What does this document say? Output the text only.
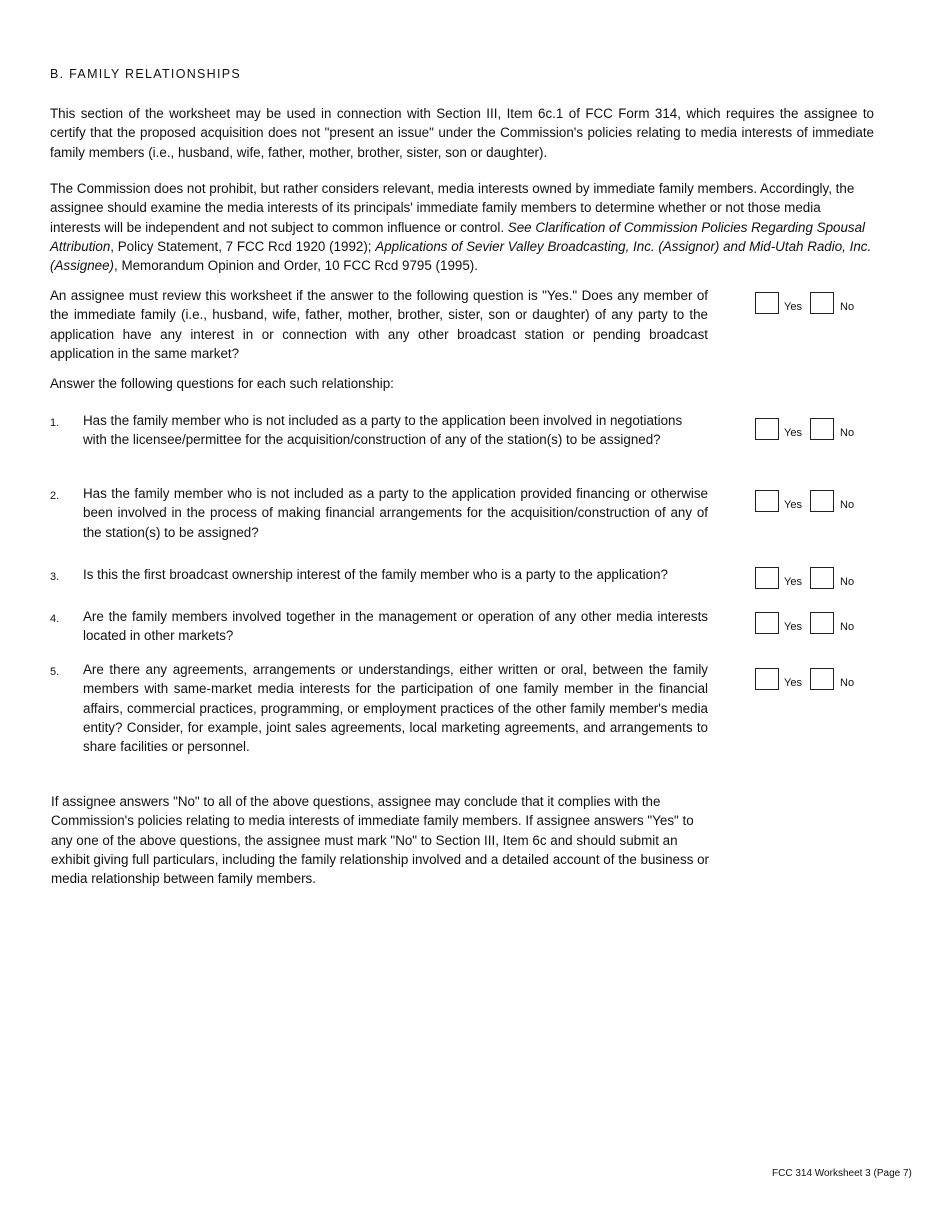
B. FAMILY RELATIONSHIPS
This section of the worksheet may be used in connection with Section III, Item 6c.1 of FCC Form 314, which requires the assignee to certify that the proposed acquisition does not "present an issue" under the Commission's policies relating to media interests of immediate family members (i.e., husband, wife, father, mother, brother, sister, son or daughter).
The Commission does not prohibit, but rather considers relevant, media interests owned by immediate family members. Accordingly, the assignee should examine the media interests of its principals' immediate family members to determine whether or not those media interests will be independent and not subject to common influence or control. See Clarification of Commission Policies Regarding Spousal Attribution, Policy Statement, 7 FCC Rcd 1920 (1992); Applications of Sevier Valley Broadcasting, Inc. (Assignor) and Mid-Utah Radio, Inc. (Assignee), Memorandum Opinion and Order, 10 FCC Rcd 9795 (1995).
An assignee must review this worksheet if the answer to the following question is "Yes." Does any member of the immediate family (i.e., husband, wife, father, mother, brother, sister, son or daughter) of any party to the application have any interest in or connection with any other broadcast station or pending broadcast application in the same market?
Yes	No
Answer the following questions for each such relationship:
1.	Has the family member who is not included as a party to the application been involved in negotiations with the licensee/permittee for the acquisition/construction of any of the station(s) to be assigned?	Yes	No
2.	Has the family member who is not included as a party to the application provided financing or otherwise been involved in the process of making financial arrangements for the acquisition/construction of any of the station(s) to be assigned?
Yes	No
3.	Is this the first broadcast ownership interest of the family member who is a party to the application?	Yes	No
4.	Are the family members involved together in the management or operation of any other media interests located in other markets?
Yes	No
5.	Are there any agreements, arrangements or understandings, either written or oral, between the family members with same-market media interests for the participation of one family member in the financial affairs, commercial practices, programming, or employment practices of the other family member's media entity? Consider, for example, joint sales agreements, local marketing agreements, and arrangements to share facilities or personnel.
Yes	No
If assignee answers "No" to all of the above questions, assignee may conclude that it complies with the Commission's policies relating to media interests of immediate family members. If assignee answers "Yes" to any one of the above questions, the assignee must mark "No" to Section III, Item 6c and should submit an exhibit giving full particulars, including the family relationship involved and a detailed account of the business or media relationship between family members.
FCC 314 Worksheet 3 (Page 7)
